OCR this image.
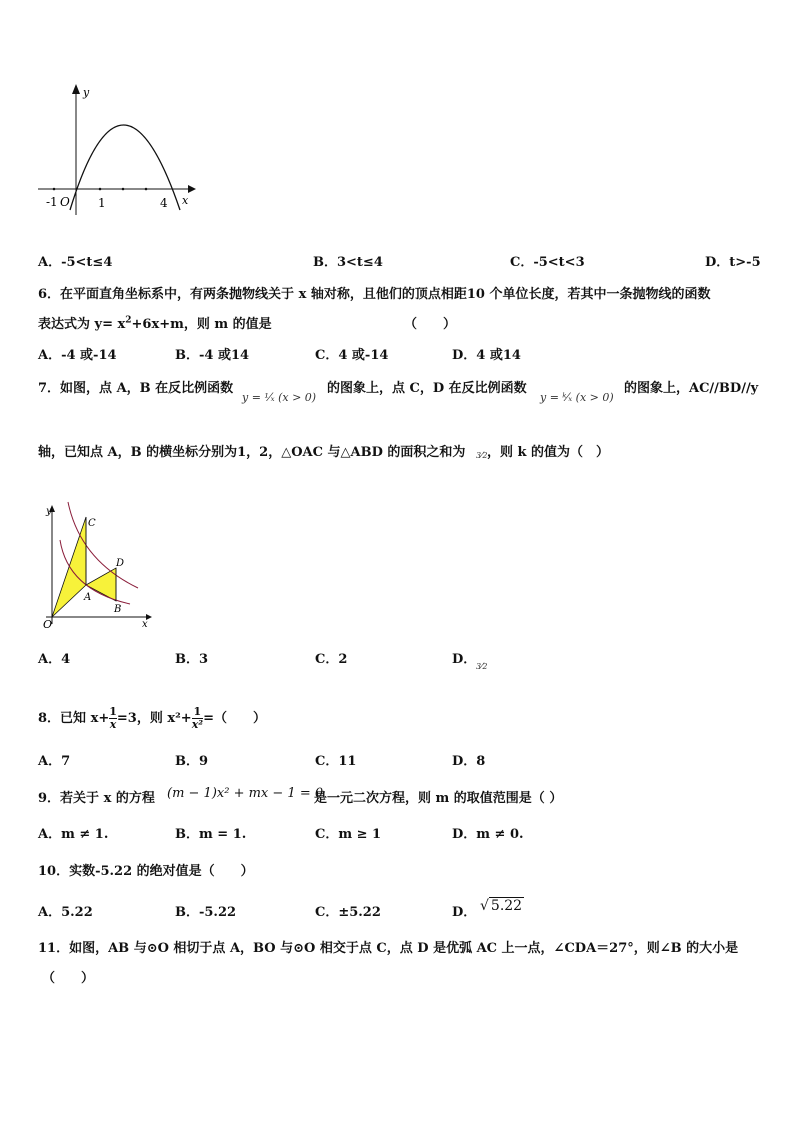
y
x
-1 O 1	4
A．-5<t≤4	B．3<t≤4	C．-5<t<3	D．t>-5
6．在平面直角坐标系中，有两条抛物线关于 x 轴对称，且他们的顶点相距10 个单位长度，若其中一条抛物线的函数
表达式为 $y= x^2+6x+m$，则 m 的值是	（　　）
A．-4 或-14	B．-4 或14	C．4 或-14	D．4 或14
7．如图，点 A，B 在反比例函数
𝑦 = ¹⁄ₓ (𝑥 > 0)
的图象上，点 C，D 在反比例函数
𝑦 = ᵏ⁄ₓ (𝑥 > 0)
的图象上，AC//BD//y
轴，已知点 A，B 的横坐标分别为1，2，△OAC 与△ABD 的面积之和为 3⁄2 ，则 k 的值为（　）
y
x
O
C
D
A
B
A．4	B．3	C．2	D． 3⁄2
8．已知 $x+ \frac{1}{x} =3$，则 $x^2+ \frac{1}{\text{x²}}$ =（　　）
A．7	B．9	C．11	D．8
9．若关于 x 的方程 (m − 1)x² + mx − 1 = 0
是一元二次方程，则 m 的取值范围是（ ）
A．m ≠ 1.	B．m = 1.	C．m ≥ 1	D．m ≠ 0.
10．实数-5.22 的绝对值是（　　）
A．5.22	B．-5.22	C．±5.22	D． √ 5.22
11．如图，AB 与⊙O 相切于点 A，BO 与⊙O 相交于点 C，点 D 是优弧 AC 上一点，∠CDA＝27°，则∠B 的大小是
（　　）
